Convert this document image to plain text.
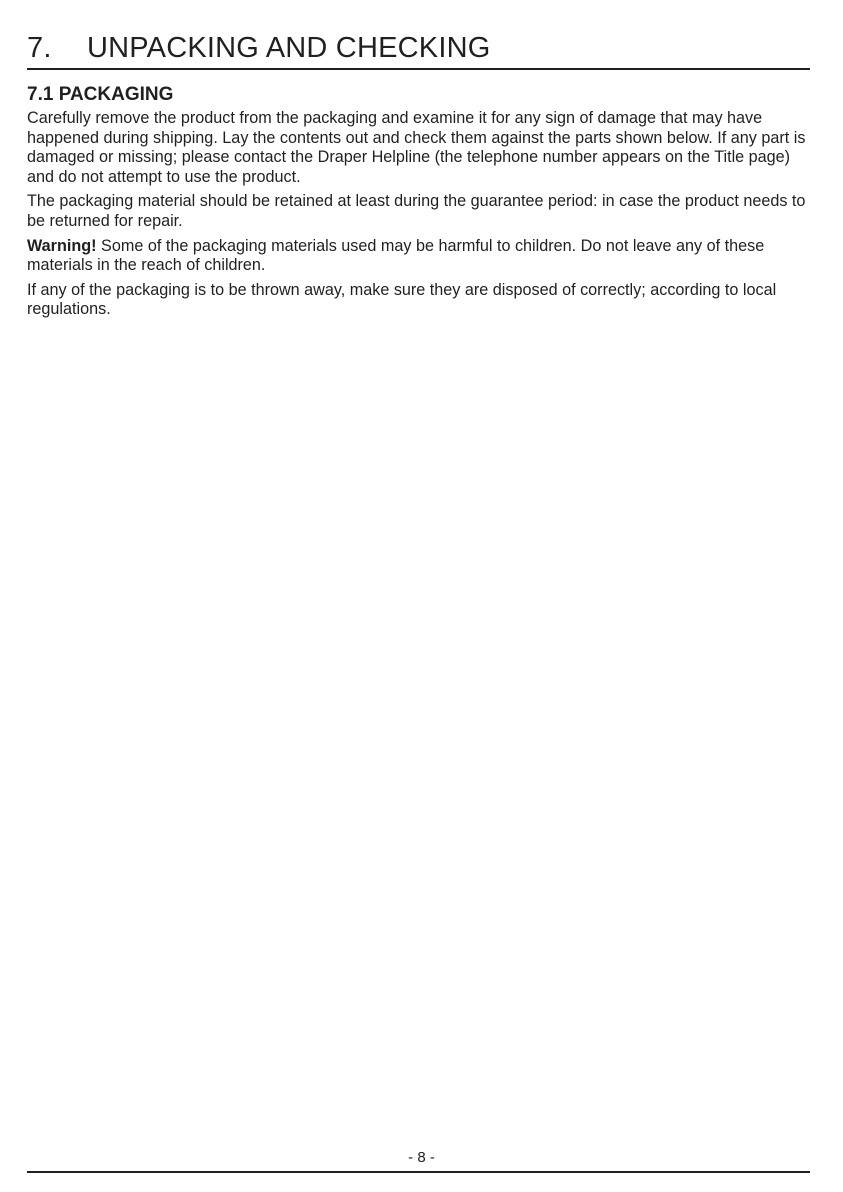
7. UNPACKING AND CHECKING
7.1 PACKAGING

Carefully remove the product from the packaging and examine it for any sign of damage that may have happened during shipping. Lay the contents out and check them against the parts shown below. If any part is damaged or missing; please contact the Draper Helpline (the telephone number appears on the Title page) and do not attempt to use the product.

The packaging material should be retained at least during the guarantee period: in case the product needs to be returned for repair.

Warning! Some of the packaging materials used may be harmful to children. Do not leave any of these materials in the reach of children.

If any of the packaging is to be thrown away, make sure they are disposed of correctly; according to local regulations.

- 8 -
